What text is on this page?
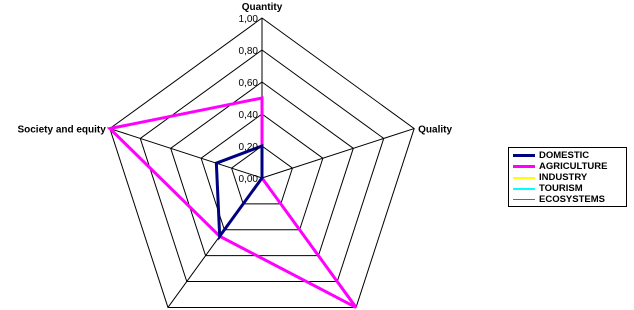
0,00
0,20
0,40
0,60
0,80
1,00
Quantity
Quality
Society and equity
DOMESTIC
AGRICULTURE
INDUSTRY
TOURISM
ECOSYSTEMS
